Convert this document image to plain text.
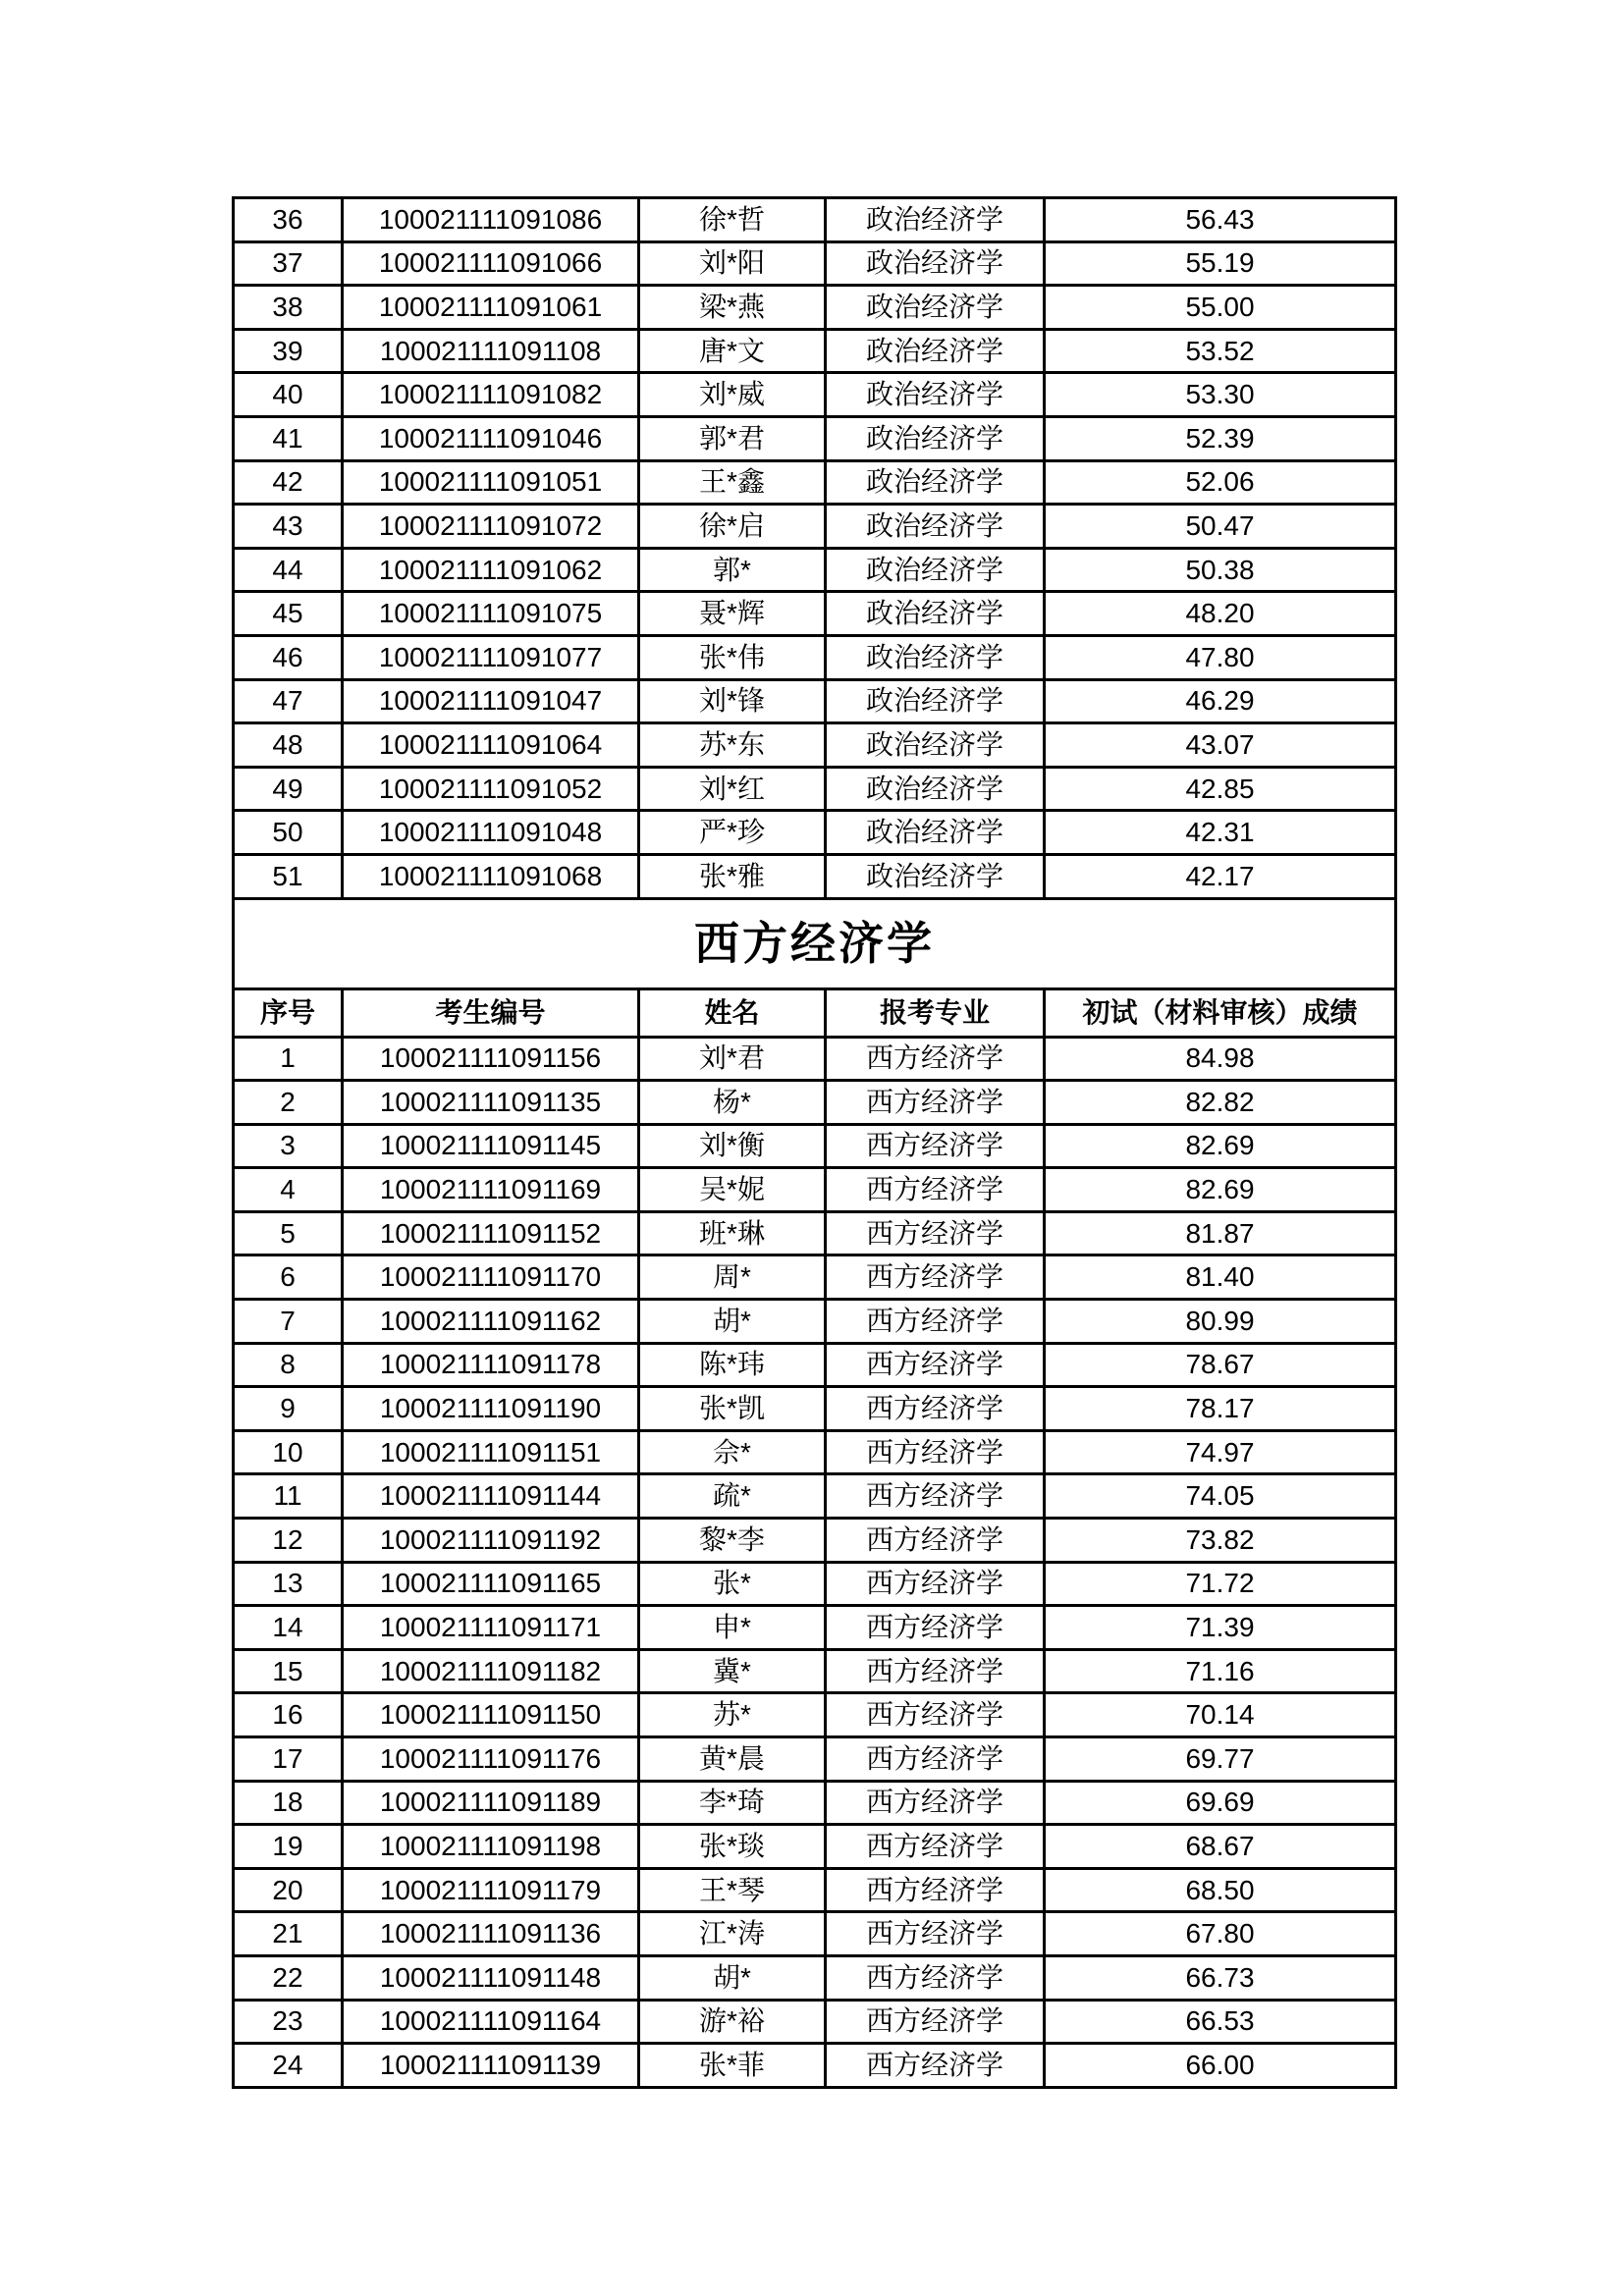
36	100021111091086	徐*哲	政治经济学	56.43
37	100021111091066	刘*阳	政治经济学	55.19
38	100021111091061	梁*燕	政治经济学	55.00
39	100021111091108	唐*文	政治经济学	53.52
40	100021111091082	刘*威	政治经济学	53.30
41	100021111091046	郭*君	政治经济学	52.39
42	100021111091051	王*鑫	政治经济学	52.06
43	100021111091072	徐*启	政治经济学	50.47
44	100021111091062	郭*	政治经济学	50.38
45	100021111091075	聂*辉	政治经济学	48.20
46	100021111091077	张*伟	政治经济学	47.80
47	100021111091047	刘*锋	政治经济学	46.29
48	100021111091064	苏*东	政治经济学	43.07
49	100021111091052	刘*红	政治经济学	42.85
50	100021111091048	严*珍	政治经济学	42.31
51	100021111091068	张*雅	政治经济学	42.17
西方经济学				
序号	考生编号	姓名	报考专业	初试（材料审核）成绩
1	100021111091156	刘*君	西方经济学	84.98
2	100021111091135	杨*	西方经济学	82.82
3	100021111091145	刘*衡	西方经济学	82.69
4	100021111091169	吴*妮	西方经济学	82.69
5	100021111091152	班*琳	西方经济学	81.87
6	100021111091170	周*	西方经济学	81.40
7	100021111091162	胡*	西方经济学	80.99
8	100021111091178	陈*玮	西方经济学	78.67
9	100021111091190	张*凯	西方经济学	78.17
10	100021111091151	佘*	西方经济学	74.97
11	100021111091144	疏*	西方经济学	74.05
12	100021111091192	黎*李	西方经济学	73.82
13	100021111091165	张*	西方经济学	71.72
14	100021111091171	申*	西方经济学	71.39
15	100021111091182	冀*	西方经济学	71.16
16	100021111091150	苏*	西方经济学	70.14
17	100021111091176	黄*晨	西方经济学	69.77
18	100021111091189	李*琦	西方经济学	69.69
19	100021111091198	张*琰	西方经济学	68.67
20	100021111091179	王*琴	西方经济学	68.50
21	100021111091136	江*涛	西方经济学	67.80
22	100021111091148	胡*	西方经济学	66.73
23	100021111091164	游*裕	西方经济学	66.53
24	100021111091139	张*菲	西方经济学	66.00
